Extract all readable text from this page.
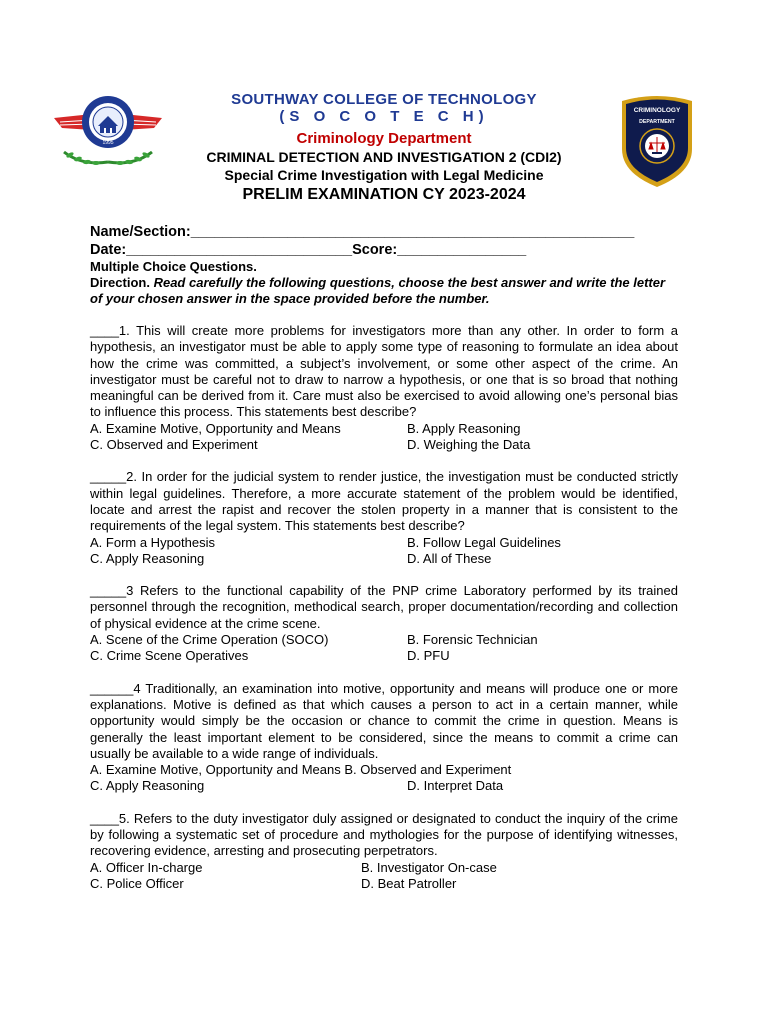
1995
SOUTHWAY COLLEGE OF TECHNOLOGY
(S O C O T E C H)
Criminology Department
CRIMINAL DETECTION AND INVESTIGATION 2 (CDI2)
Special Crime Investigation with Legal Medicine
PRELIM EXAMINATION CY 2023-2024
CRIMINOLOGY
DEPARTMENT
Name/Section:_______________________________________________________
Date:____________________________Score:________________
Multiple Choice Questions.
Direction. Read carefully the following questions, choose the best answer and write the letter of your chosen answer in the space provided before the number.

____1. This will create more problems for investigators more than any other. In order to form a hypothesis, an investigator must be able to apply some type of reasoning to formulate an idea about how the crime was committed, a subject’s involvement, or some other aspect of the crime. An investigator must be careful not to draw to narrow a hypothesis, or one that is so broad that nothing meaningful can be derived from it. Care must also be exercised to avoid allowing one’s personal bias to influence this process. This statements best describe?

A. Examine Motive, Opportunity and Means	B. Apply Reasoning
C. Observed and Experiment	D. Weighing the Data

_____2. In order for the judicial system to render justice, the investigation must be conducted strictly within legal guidelines. Therefore, a more accurate statement of the problem would be identified, locate and arrest the rapist and recover the stolen property in a manner that is consistent to the requirements of the legal system. This statements best describe?

A. Form a Hypothesis	B. Follow Legal Guidelines
C. Apply Reasoning	D. All of These

_____3 Refers to the functional capability of the PNP crime Laboratory performed by its trained personnel through the recognition, methodical search, proper documentation/recording and collection of physical evidence at the crime scene.

A. Scene of the Crime Operation (SOCO)	B. Forensic Technician
C. Crime Scene Operatives	D. PFU

______4 Traditionally, an examination into motive, opportunity and means will produce one or more explanations. Motive is defined as that which causes a person to act in a certain manner, while opportunity would simply be the occasion or chance to commit the crime in question. Means is generally the least important element to be considered, since the means to commit a crime can usually be available to a wide range of individuals.

A. Examine Motive, Opportunity and Means B. Observed and Experiment
C. Apply Reasoning	D. Interpret Data

____5. Refers to the duty investigator duly assigned or designated to conduct the inquiry of the crime by following a systematic set of procedure and mythologies for the purpose of identifying witnesses, recovering evidence, arresting and prosecuting perpetrators.

A. Officer In-charge	B. Investigator On-case
C. Police Officer	D. Beat Patroller
